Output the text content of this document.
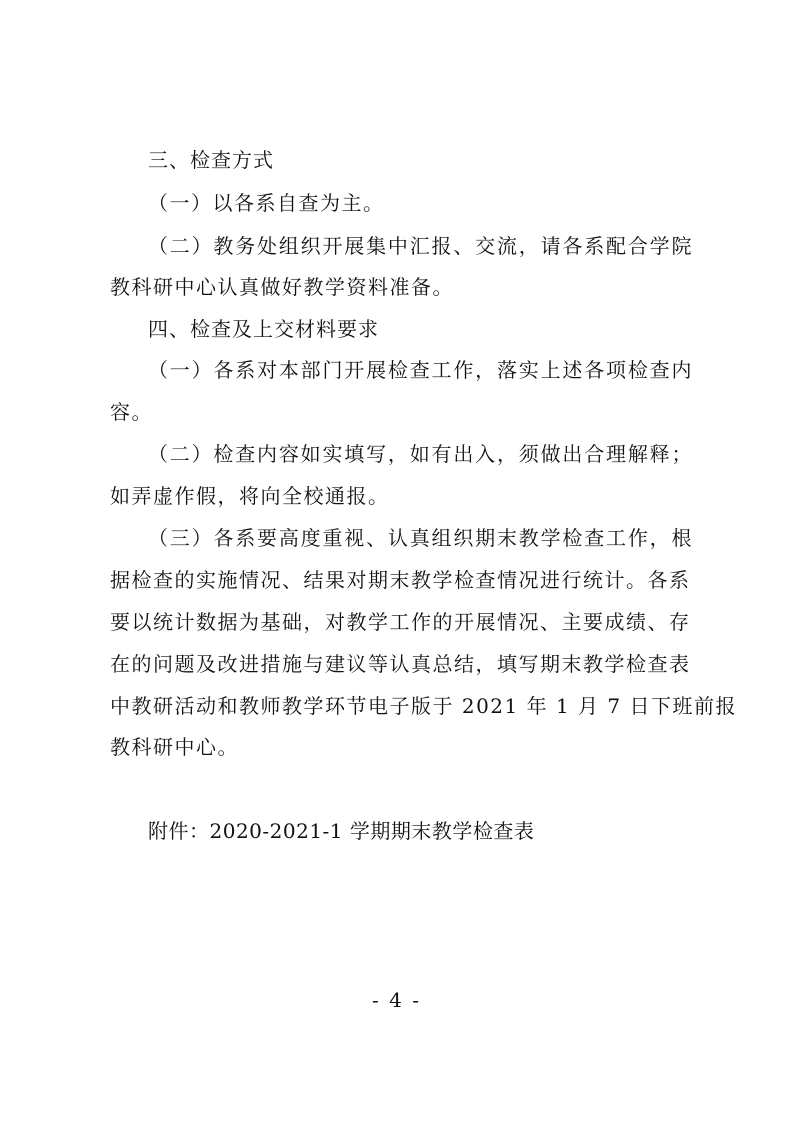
三、检查方式
（一）以各系自查为主。
（二）教务处组织开展集中汇报、交流，请各系配合学院
教科研中心认真做好教学资料准备。
四、检查及上交材料要求
（一）各系对本部门开展检查工作，落实上述各项检查内
容。
（二）检查内容如实填写，如有出入，须做出合理解释；
如弄虚作假，将向全校通报。
（三）各系要高度重视、认真组织期末教学检查工作，根
据检查的实施情况、结果对期末教学检查情况进行统计。各系
要以统计数据为基础，对教学工作的开展情况、主要成绩、存
在的问题及改进措施与建议等认真总结，填写期末教学检查表
中教研活动和教师教学环节电子版于 2021 年 1 月 7 日下班前报
教科研中心。
附件：2020-2021-1 学期期末教学检查表
- 4 -
